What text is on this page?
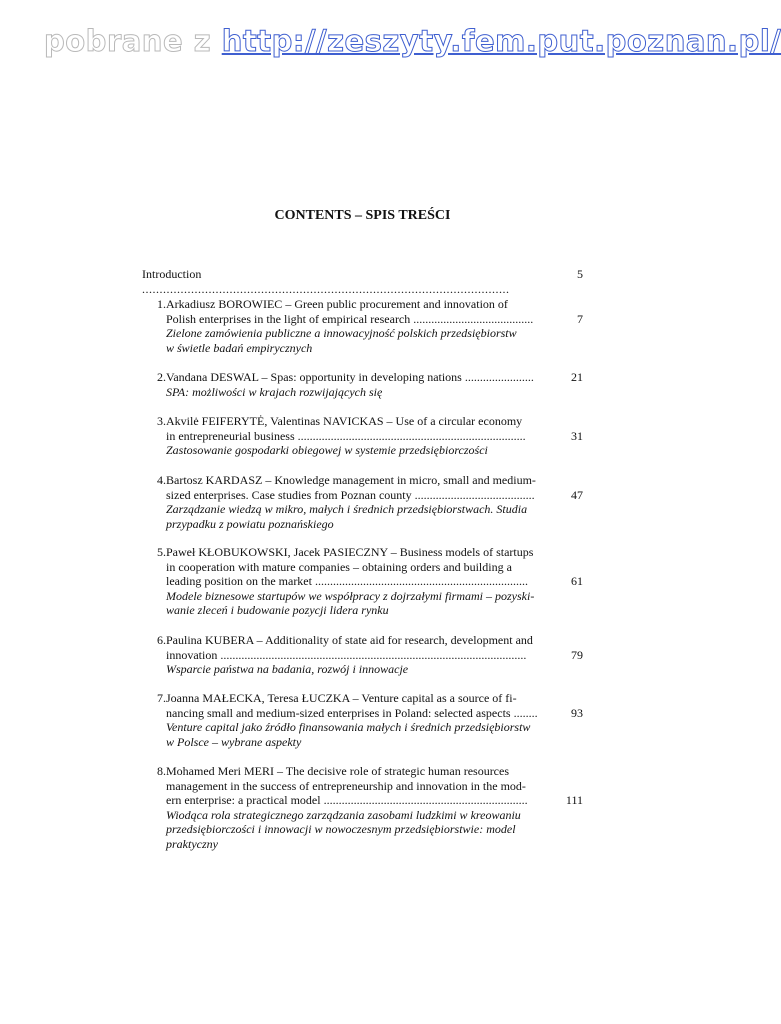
pobrane z http://zeszyty.fem.put.poznan.pl/
CONTENTS – SPIS TREŚCI
Introduction .........................................................................................................
5
1. Arkadiusz BOROWIEC – Green public procurement and innovation of
Polish enterprises in the light of empirical research ........................................
Zielone zamówienia publiczne a innowacyjność polskich przedsiębiorstw
w świetle badań empirycznych
7
2. Vandana DESWAL – Spas: opportunity in developing nations .......................
SPA: możliwości w krajach rozwijających się
21
3. Akvilė FEIFERYTĖ, Valentinas NAVICKAS – Use of a circular economy
in entrepreneurial business ............................................................................
Zastosowanie gospodarki obiegowej w systemie przedsiębiorczości
31
4. Bartosz KARDASZ – Knowledge management in micro, small and medium-
sized enterprises. Case studies from Poznan county ........................................
Zarządzanie wiedzą w mikro, małych i średnich przedsiębiorstwach. Studia
przypadku z powiatu poznańskiego
47
5. Paweł KŁOBUKOWSKI, Jacek PASIECZNY – Business models of startups
in cooperation with mature companies – obtaining orders and building a
leading position on the market .......................................................................
Modele biznesowe startupów we współpracy z dojrzałymi firmami – pozyski-
wanie zleceń i budowanie pozycji lidera rynku
61
6. Paulina KUBERA – Additionality of state aid for research, development and
innovation ......................................................................................................
Wsparcie państwa na badania, rozwój i innowacje
79
7. Joanna MAŁECKA, Teresa ŁUCZKA – Venture capital as a source of fi-
nancing small and medium-sized enterprises in Poland: selected aspects ........
Venture capital jako źródło finansowania małych i średnich przedsiębiorstw
w Polsce – wybrane aspekty
93
8. Mohamed Meri MERI – The decisive role of strategic human resources
management in the success of entrepreneurship and innovation in the mod-
ern enterprise: a practical model ....................................................................
Wiodąca rola strategicznego zarządzania zasobami ludzkimi w kreowaniu
przedsiębiorczości i innowacji w nowoczesnym przedsiębiorstwie: model
praktyczny
111
